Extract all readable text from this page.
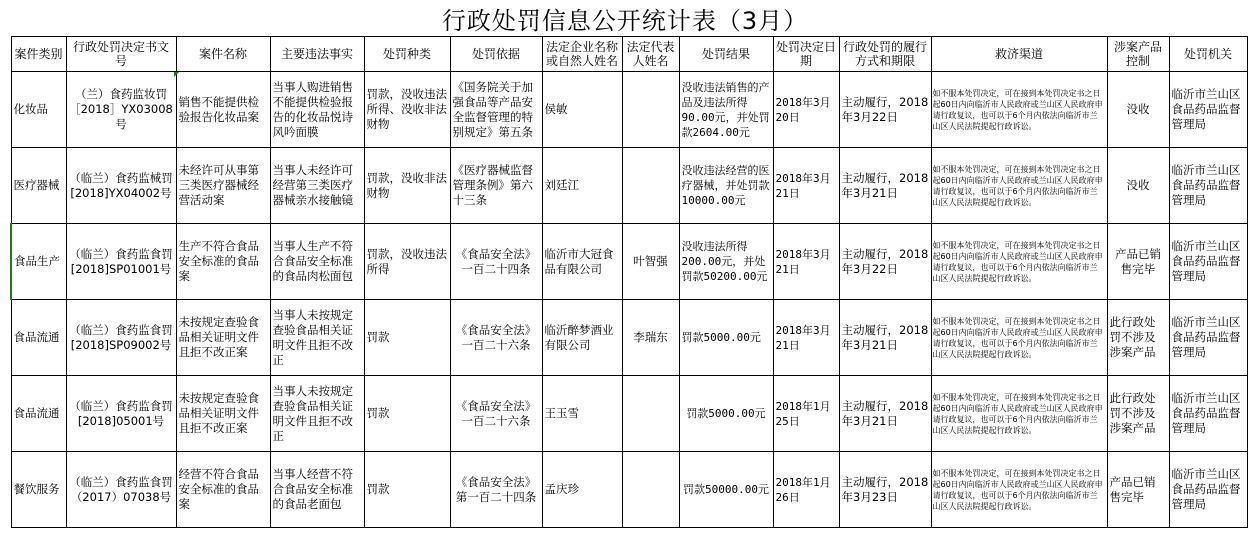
行政处罚信息公开统计表（3月）
案件类别	行政处罚决定书文号	案件名称	主要违法事实	处罚种类	处罚依据	法定企业名称或自然人姓名	法定代表人姓名	处罚结果	处罚决定日期	行政处罚的履行方式和期限	救济渠道	涉案产品控制	处罚机关
化妆品	（兰）食药监妆罚［2018］YX03008号	销售不能提供检验报告化妆品案	当事人购进销售不能提供检验报告的化妆品悦诗风吟面膜	罚款，没收违法所得、没收非法财物	《国务院关于加强食品等产品安全监督管理的特别规定》第五条	侯敏		没收违法销售的产品及违法所得90.00元，并处罚款2604.00元	2018年3月20日	主动履行，2018年3月22日	如不服本处罚决定，可在接到本处罚决定书之日起60日内向临沂市人民政府或兰山区人民政府申请行政复议，也可以于6个月内依法向临沂市兰山区人民法院提起行政诉讼。	没收	临沂市兰山区食品药品监督管理局
医疗器械	（临兰）食药监械罚[2018]YX04002号	未经许可从事第三类医疗器械经营活动案	当事人未经许可经营第三类医疗器械亲水接触镜	罚款，没收非法财物	《医疗器械监督管理条例》第六十三条	刘廷江		没收违法经营的医疗器械，并处罚款10000.00元	2018年3月21日	主动履行，2018年3月21日	如不服本处罚决定，可在接到本处罚决定书之日起60日内向临沂市人民政府或兰山区人民政府申请行政复议，也可以于6个月内依法向临沂市兰山区人民法院提起行政诉讼。	没收	临沂市兰山区食品药品监督管理局
食品生产	（临兰）食药监食罚[2018]SP01001号	生产不符合食品安全标准的食品案	当事人生产不符合食品安全标准的食品肉松面包	罚款，没收违法所得	《食品安全法》一百二十四条	临沂市大冠食品有限公司	叶智强	没收违法所得200.00元，并处罚款50200.00元	2018年3月21日	主动履行，2018年3月22日	如不服本处罚决定，可在接到本处罚决定书之日起60日内向临沂市人民政府或兰山区人民政府申请行政复议，也可以于6个月内依法向临沂市兰山区人民法院提起行政诉讼。	产品已销售完毕	临沂市兰山区食品药品监督管理局
食品流通	（临兰）食药监食罚[2018]SP09002号	未按规定查验食品相关证明文件且拒不改正案	当事人未按规定查验食品相关证明文件且拒不改正	罚款	《食品安全法》一百二十六条	临沂醉梦酒业有限公司	李瑞东	罚款5000.00元	2018年3月21日	主动履行，2018年3月21日	如不服本处罚决定，可在接到本处罚决定书之日起60日内向临沂市人民政府或兰山区人民政府申请行政复议，也可以于6个月内依法向临沂市兰山区人民法院提起行政诉讼。	此行政处罚不涉及涉案产品	临沂市兰山区食品药品监督管理局
食品流通	（临兰）食药监食罚[2018]05001号	未按规定查验食品相关证明文件且拒不改正案	当事人未按规定查验食品相关证明文件且拒不改正	罚款	《食品安全法》一百二十六条	王玉雪		罚款5000.00元	2018年1月25日	主动履行，2018年3月21日	如不服本处罚决定，可在接到本处罚决定书之日起60日内向临沂市人民政府或兰山区人民政府申请行政复议，也可以于6个月内依法向临沂市兰山区人民法院提起行政诉讼。	此行政处罚不涉及涉案产品	临沂市兰山区食品药品监督管理局
餐饮服务	（临兰）食药监食罚（2017）07038号	经营不符合食品安全标准的食品案	当事人经营不符合食品安全标准的食品老面包	罚款	《食品安全法》第一百二十四条	孟庆珍		罚款50000.00元	2018年1月26日	主动履行，2018年3月23日	如不服本处罚决定，可在接到本处罚决定书之日起60日内向临沂市人民政府或兰山区人民政府申请行政复议，也可以于6个月内依法向临沂市兰山区人民法院提起行政诉讼。	产品已销售完毕	临沂市兰山区食品药品监督管理局
